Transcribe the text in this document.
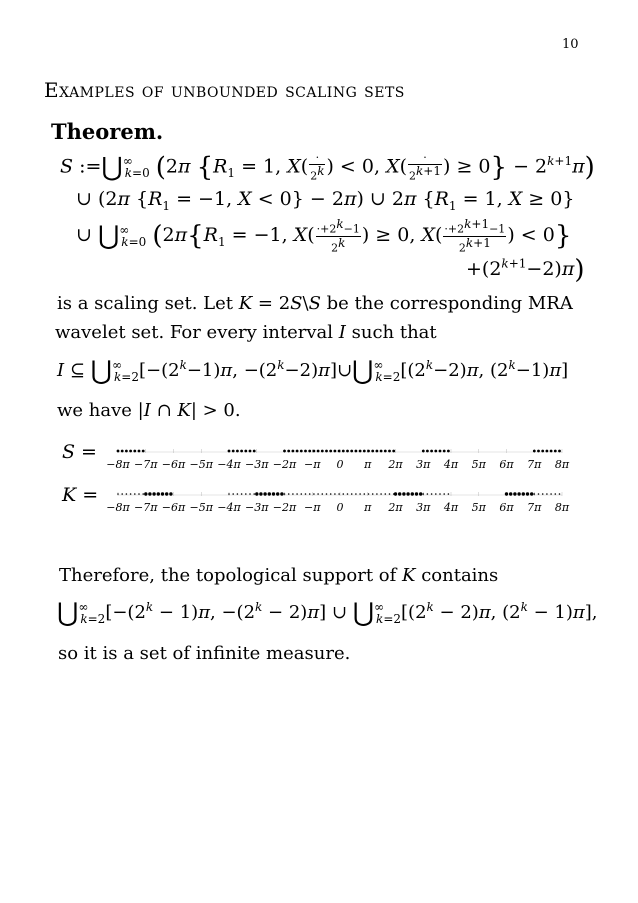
10
Examples of unbounded scaling sets
Theorem.
S $:=⋃^\infty_{k=0}$ (2π {$R_1 = 1$, $X( \frac{\cdot}{2^k}$ ) < 0, $X( \frac{\cdot}{2^{k+1}}$ ) ≥ $0\} - 2^{k+1}\pi$)
∪ (2π {$R_1 = -1$, X < 0} − 2π) ∪ 2π {$R_1 = 1$, X ≥ 0}
∪ $⋃^\infty_{k=0}$ ($2\pi\{R_1 = -1$, $X( \frac{\cdot+2^k-1}{2^k}$ ) ≥ 0, $X( \frac{\cdot+2^{k+1}-1}{2^{k+1}}$ ) < 0}
$+(2^{k+1}-2)\pi$)
is a scaling set. Let K = 2S\S be the corresponding MRA
wavelet set. For every interval I such that
I ⊆ $⋃^\infty_{k=2}[-(2^k-1)\pi$, $-(2^k-2)\pi]\cup⋃^\infty_{k=2}[(2^k-2)\pi$, $(2^k-1)\pi$]
we have |I ∩ K| > 0.
S =
K =
−8π −7π −6π −5π −4π −3π −2π −π 0 π 2π 3π 4π 5π 6π 7π 8π
−8π −7π −6π −5π −4π −3π −2π −π 0 π 2π 3π 4π 5π 6π 7π 8π
Therefore, the topological support of K contains
$⋃^\infty_{k=2}[-(2^k - 1)\pi$, $-(2^k - 2)\pi$] ∪ $⋃^\infty_{k=2}[(2^k - 2)\pi$, $(2^k - 1)\pi$],
so it is a set of infinite measure.
